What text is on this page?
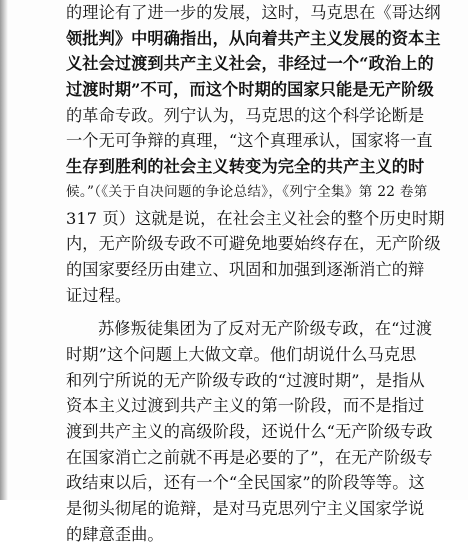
的理论有了进一步的发展，这时，马克思在《哥达纲
领批判》中明确指出，从向着共产主义发展的资本主
义社会过渡到共产主义社会，非经过一个“政治上的
过渡时期”不可，而这个时期的国家只能是无产阶级
的革命专政。列宁认为，马克思的这个科学论断是
一个无可争辩的真理，“这个真理承认，国家将一直
生存到胜利的社会主义转变为完全的共产主义的时
候。”（《关于自决问题的争论总结》，《列宁全集》第 22 卷第
317 页）这就是说，在社会主义社会的整个历史时期
内，无产阶级专政不可避免地要始终存在，无产阶级
的国家要经历由建立、巩固和加强到逐渐消亡的辩
证过程。
苏修叛徒集团为了反对无产阶级专政，在“过渡
时期”这个问题上大做文章。他们胡说什么马克思
和列宁所说的无产阶级专政的“过渡时期”，是指从
资本主义过渡到共产主义的第一阶段，而不是指过
渡到共产主义的高级阶段，还说什么“无产阶级专政
在国家消亡之前就不再是必要的了”，在无产阶级专
政结束以后，还有一个“全民国家”的阶段等等。这
是彻头彻尾的诡辩，是对马克思列宁主义国家学说
的肆意歪曲。
